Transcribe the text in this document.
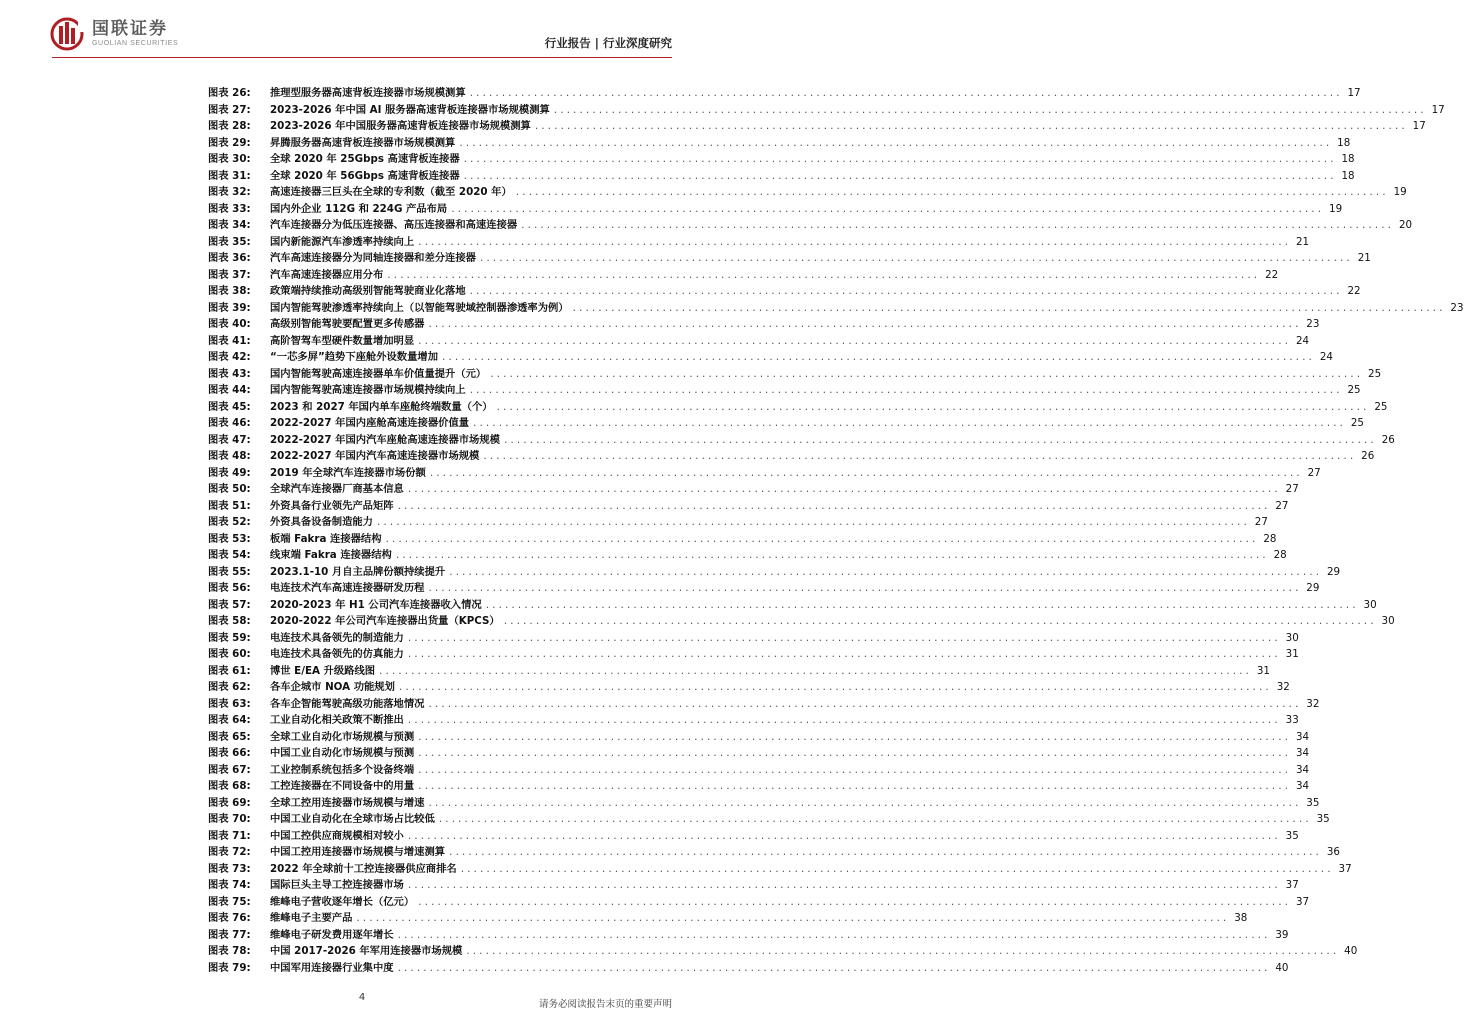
国联证券
GUOLIAN SECURITIES	行业报告 | 行业深度研究
图表 26:	推理型服务器高速背板连接器市场规模测算 .....	17
图表 27:	2023-2026 年中国 AI 服务器高速背板连接器市场规模测算 .....	17
图表 28:	2023-2026 年中国服务器高速背板连接器市场规模测算 .....	17
图表 29:	昇腾服务器高速背板连接器市场规模测算 .....	18
图表 30:	全球 2020 年 25Gbps 高速背板连接器 .....	18
图表 31:	全球 2020 年 56Gbps 高速背板连接器 .....	18
图表 32:	高速连接器三巨头在全球的专利数（截至 2020 年） .....	19
图表 33:	国内外企业 112G 和 224G 产品布局 .....	19
图表 34:	汽车连接器分为低压连接器、高压连接器和高速连接器 .....	20
图表 35:	国内新能源汽车渗透率持续向上 .....	21
图表 36:	汽车高速连接器分为同轴连接器和差分连接器 .....	21
图表 37:	汽车高速连接器应用分布 .....	22
图表 38:	政策端持续推动高级别智能驾驶商业化落地 .....	22
图表 39:	国内智能驾驶渗透率持续向上（以智能驾驶域控制器渗透率为例） .....	23
图表 40:	高级别智能驾驶要配置更多传感器 .....	23
图表 41:	高阶智驾车型硬件数量增加明显 .....	24
图表 42:	“一芯多屏”趋势下座舱外设数量增加 .....	24
图表 43:	国内智能驾驶高速连接器单车价值量提升（元） .....	25
图表 44:	国内智能驾驶高速连接器市场规模持续向上 .....	25
图表 45:	2023 和 2027 年国内单车座舱终端数量（个） .....	25
图表 46:	2022-2027 年国内座舱高速连接器价值量 .....	25
图表 47:	2022-2027 年国内汽车座舱高速连接器市场规模 .....	26
图表 48:	2022-2027 年国内汽车高速连接器市场规模 .....	26
图表 49:	2019 年全球汽车连接器市场份额 .....	27
图表 50:	全球汽车连接器厂商基本信息 .....	27
图表 51:	外资具备行业领先产品矩阵 .....	27
图表 52:	外资具备设备制造能力 .....	27
图表 53:	板端 Fakra 连接器结构 .....	28
图表 54:	线束端 Fakra 连接器结构 .....	28
图表 55:	2023.1-10 月自主品牌份额持续提升 .....	29
图表 56:	电连技术汽车高速连接器研发历程 .....	29
图表 57:	2020-2023 年 H1 公司汽车连接器收入情况 .....	30
图表 58:	2020-2022 年公司汽车连接器出货量（KPCS） .....	30
图表 59:	电连技术具备领先的制造能力 .....	30
图表 60:	电连技术具备领先的仿真能力 .....	31
图表 61:	博世 E/EA 升级路线图 .....	31
图表 62:	各车企城市 NOA 功能规划 .....	32
图表 63:	各车企智能驾驶高级功能落地情况 .....	32
图表 64:	工业自动化相关政策不断推出 .....	33
图表 65:	全球工业自动化市场规模与预测 .....	34
图表 66:	中国工业自动化市场规模与预测 .....	34
图表 67:	工业控制系统包括多个设备终端 .....	34
图表 68:	工控连接器在不同设备中的用量 .....	34
图表 69:	全球工控用连接器市场规模与增速 .....	35
图表 70:	中国工业自动化在全球市场占比较低 .....	35
图表 71:	中国工控供应商规模相对较小 .....	35
图表 72:	中国工控用连接器市场规模与增速测算 .....	36
图表 73:	2022 年全球前十工控连接器供应商排名 .....	37
图表 74:	国际巨头主导工控连接器市场 .....	37
图表 75:	维峰电子营收逐年增长（亿元） .....	37
图表 76:	维峰电子主要产品 .....	38
图表 77:	维峰电子研发费用逐年增长 .....	39
图表 78:	中国 2017-2026 年军用连接器市场规模 .....	40
图表 79:	中国军用连接器行业集中度 .....	40
4
请务必阅读报告末页的重要声明
